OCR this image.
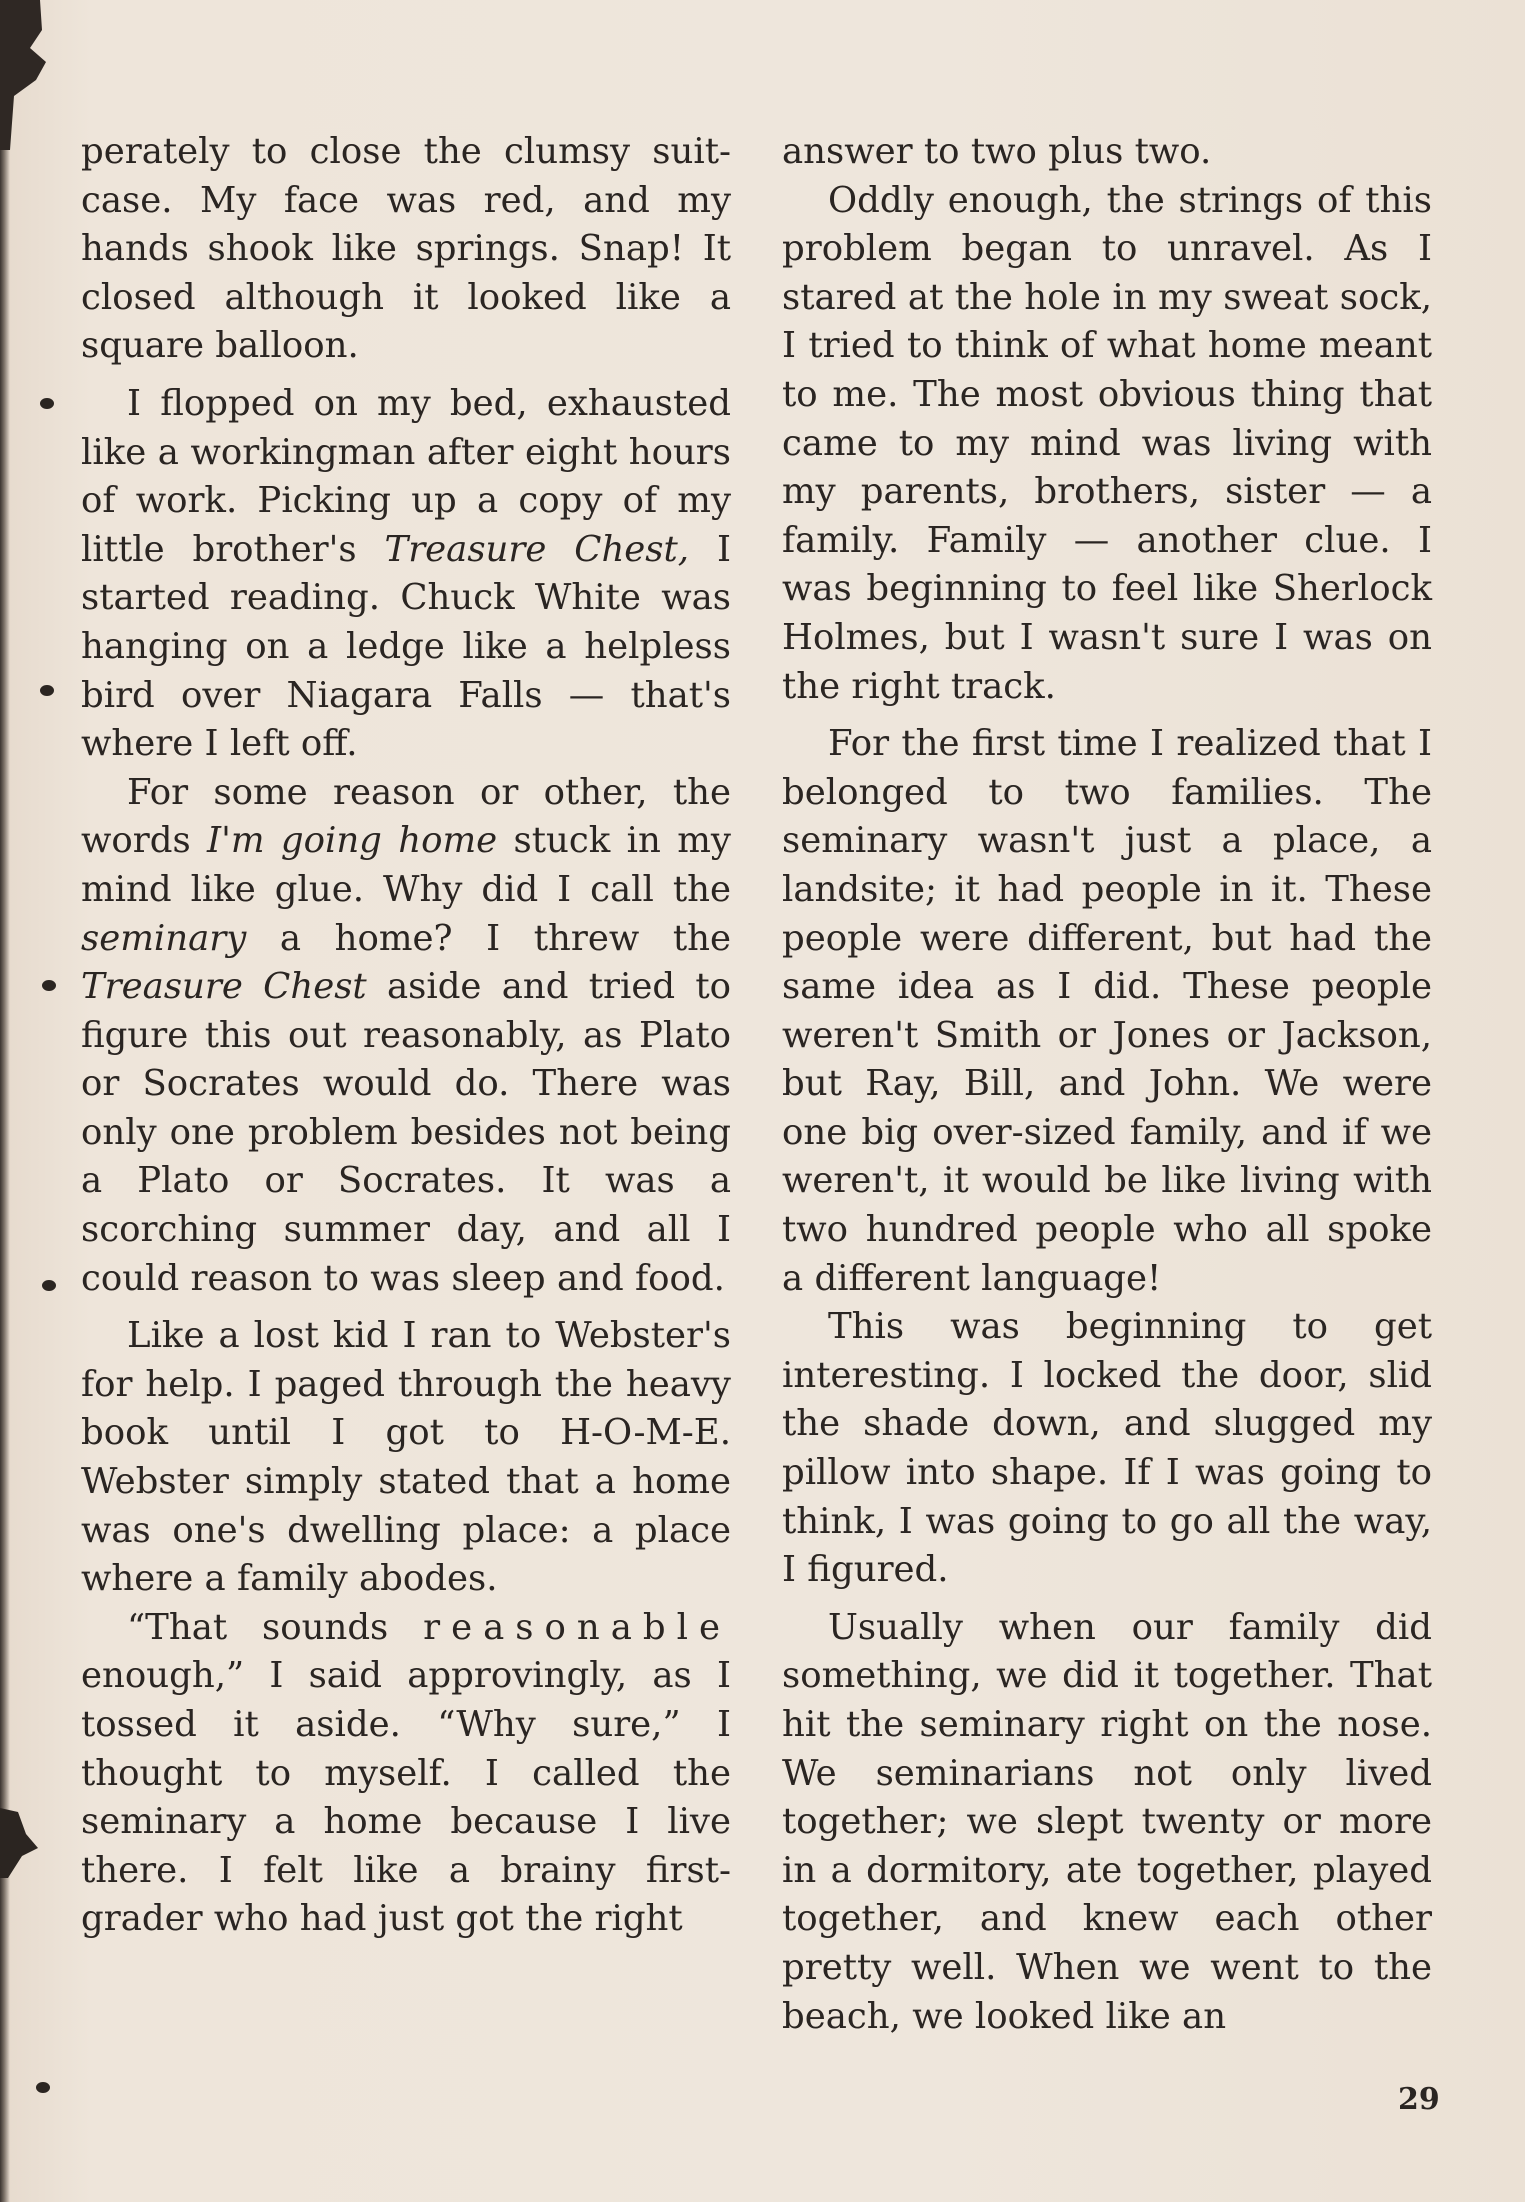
perately to close the clumsy suit-case. My face was red, and my hands shook like springs. Snap! It closed although it looked like a square balloon.

I flopped on my bed, exhausted like a workingman after eight hours of work. Picking up a copy of my little brother's Treasure Chest, I started reading. Chuck White was hanging on a ledge like a helpless bird over Niagara Falls — that's where I left off.

For some reason or other, the words I'm going home stuck in my mind like glue. Why did I call the seminary a home? I threw the Treasure Chest aside and tried to figure this out reasonably, as Plato or Socrates would do. There was only one problem besides not being a Plato or Socrates. It was a scorching summer day, and all I could reason to was sleep and food.

Like a lost kid I ran to Webster's for help. I paged through the heavy book until I got to H-O-M-E. Webster simply stated that a home was one's dwelling place: a place where a family abodes.

“That sounds reasonable enough,” I said approvingly, as I tossed it aside. “Why sure,” I thought to myself. I called the seminary a home because I live there. I felt like a brainy first-grader who had just got the right

answer to two plus two.

Oddly enough, the strings of this problem began to unravel. As I stared at the hole in my sweat sock, I tried to think of what home meant to me. The most obvious thing that came to my mind was living with my parents, brothers, sister — a family. Family — another clue. I was beginning to feel like Sherlock Holmes, but I wasn't sure I was on the right track.

For the first time I realized that I belonged to two families. The seminary wasn't just a place, a landsite; it had people in it. These people were different, but had the same idea as I did. These people weren't Smith or Jones or Jackson, but Ray, Bill, and John. We were one big over-sized family, and if we weren't, it would be like living with two hundred people who all spoke a different language!

This was beginning to get interesting. I locked the door, slid the shade down, and slugged my pillow into shape. If I was going to think, I was going to go all the way, I figured.

Usually when our family did something, we did it together. That hit the seminary right on the nose. We seminarians not only lived together; we slept twenty or more in a dormitory, ate together, played together, and knew each other pretty well. When we went to the beach, we looked like an

29
